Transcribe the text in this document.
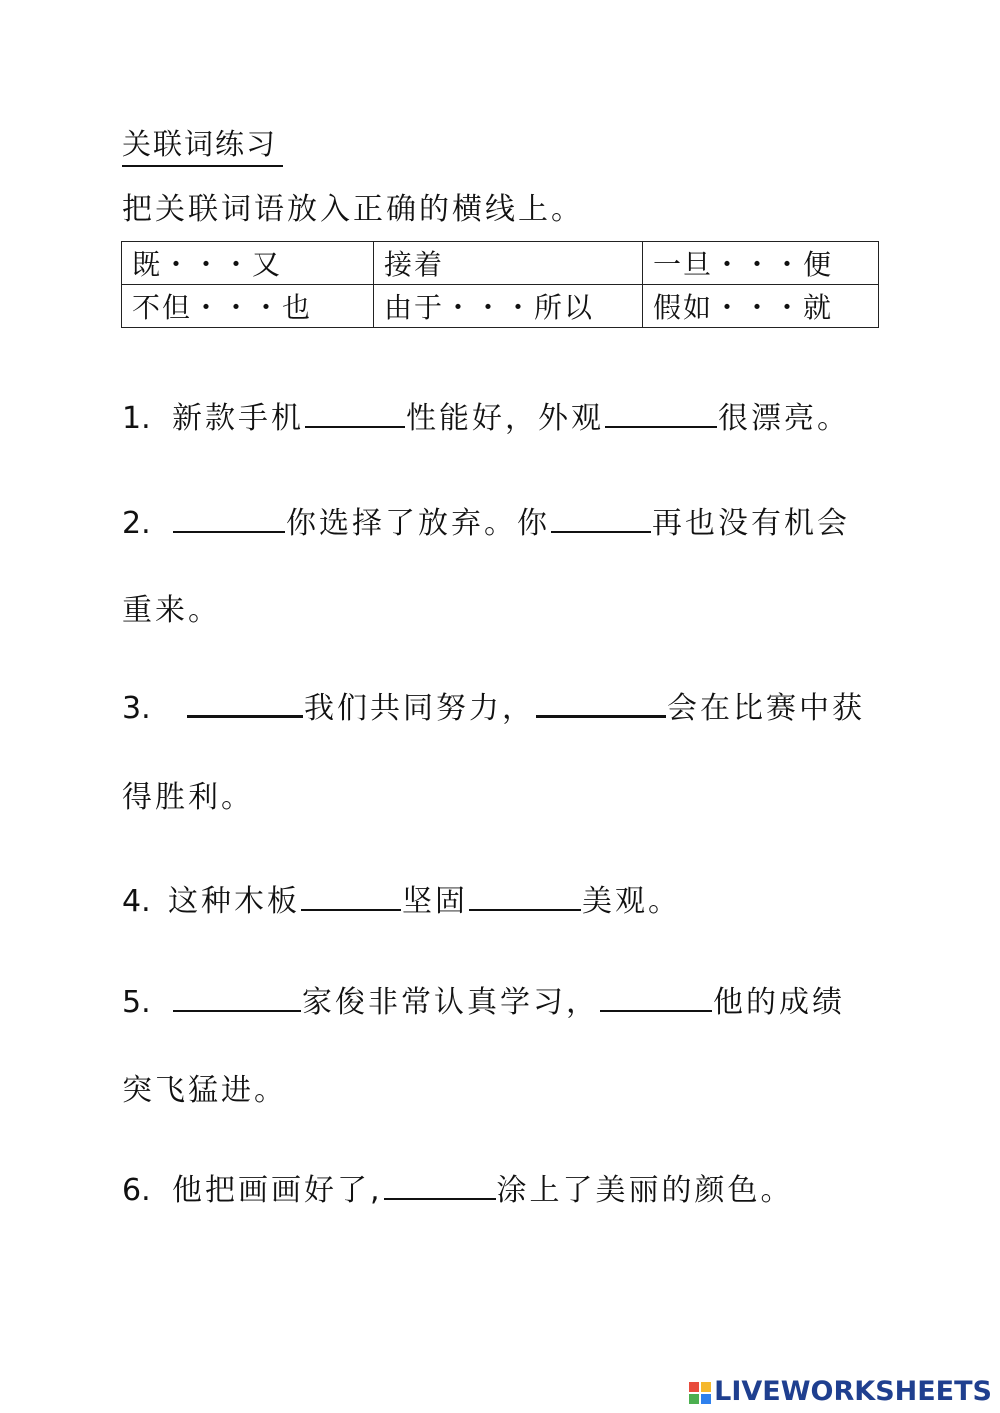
关联词练习
把关联词语放入正确的横线上。
既・・・又	接着	一旦・・・便
不但・・・也	由于・・・所以	假如・・・就
1. 新款手机	性能好，外观	很漂亮。
2.	你选择了放弃。你	再也没有机会
重来。
3.	我们共同努力，	会在比赛中获
得胜利。
4. 这种木板	坚固	美观。
5.	家俊非常认真学习，	他的成绩
突飞猛进。
6. 他把画画好了,	涂上了美丽的颜色。
LIVEWORKSHEETS
